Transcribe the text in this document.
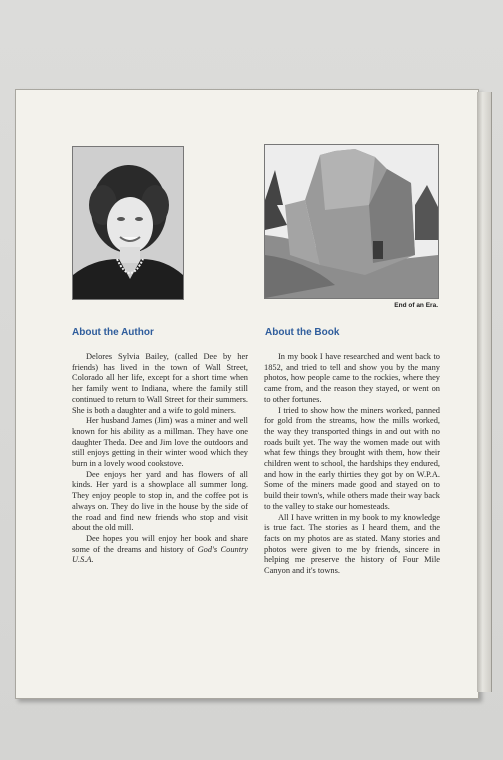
End of an Era.
About the Author	About the Book

Delores Sylvia Bailey, (called Dee by her friends) has lived in the town of Wall Street, Colorado all her life, except for a short time when her family went to Indiana, where the family still continued to return to Wall Street for their summers. She is both a daughter and a wife to gold miners.

Her husband James (Jim) was a miner and well known for his ability as a millman. They have one daughter Theda. Dee and Jim love the outdoors and still enjoys getting in their winter wood which they burn in a lovely wood cookstove.

Dee enjoys her yard and has flowers of all kinds. Her yard is a showplace all summer long. They enjoy people to stop in, and the coffee pot is always on. They do live in the house by the side of the road and find new friends who stop and visit about the old mill.

Dee hopes you will enjoy her book and share some of the dreams and history of God's Country U.S.A.

In my book I have researched and went back to 1852, and tried to tell and show you by the many photos, how people came to the rockies, where they came from, and the reason they stayed, or went on to other fortunes.

I tried to show how the miners worked, panned for gold from the streams, how the mills worked, the way they transported things in and out with no roads built yet. The way the women made out with what few things they brought with them, how their children went to school, the hardships they endured, and how in the early thirties they got by on W.P.A. Some of the miners made good and stayed on to build their town's, while others made their way back to the valley to stake our homesteads.

All I have written in my book to my knowledge is true fact. The stories as I heard them, and the facts on my photos are as stated. Many stories and photos were given to me by friends, sincere in helping me preserve the history of Four Mile Canyon and it's towns.
